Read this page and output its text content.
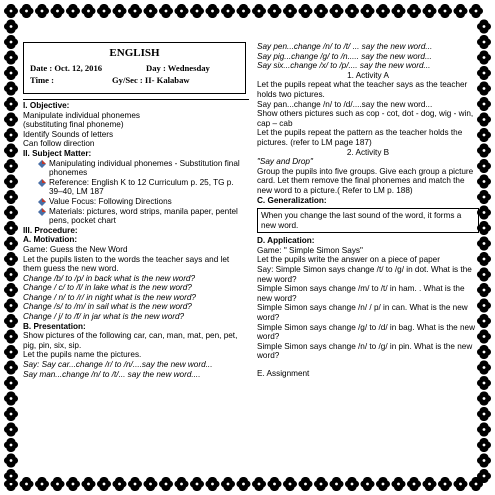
ENGLISH
Date : Oct. 12, 2016	Day : Wednesday
Time :	Gy/Sec : II- Kalabaw

I. Objective:

Manipulate individual phonemes

(substituting final phoneme)

Identify Sounds of letters

Can follow direction

II. Subject Matter:

Manipulating individual phonemes - Substitution final phonemes
Reference: English K to 12 Curriculum p. 25, TG p. 39–40, LM 187
Value Focus: Following Directions
Materials: pictures, word strips, manila paper, pentel pens, pocket chart

III. Procedure:

A. Motivation:

Game: Guess the New Word

Let the pupils listen to the words the teacher says and let them guess the new word.

Change /b/ to /p/ in back what is the new word?

Change / c/ to /l/ in lake what is the new word?

Change / n/ to /r/ in night what is the new word?

Change /s/ to /m/ in sail what is the new word?

Change / j/ to /f/ in jar what is the new word?

B. Presentation:

Show pictures of the following car, can, man, mat, pen, pet, pig, pin, six, sip.

Let the pupils name the pictures.

Say: Say car...change /r/ to /n/....say the new word...

Say man...change /n/ to /t/... say the new word....

Say pen...change /n/ to /t/ ... say the new word...

Say pig...change /g/ to /n..... say the new word...

Say six...change /x/ to /p/.... say the new word...

1. Activity A

Let the pupils repeat what the teacher says as the teacher holds two pictures.

Say pan...change /n/ to /d/....say the new word...

Show others pictures such as cop - cot, dot - dog, wig - win, cap – cab

Let the pupils repeat the pattern as the teacher holds the pictures. (refer to LM page 187)

2. Activity B

"Say and Drop"

Group the pupils into five groups. Give each group a picture card. Let them remove the final phonemes and match the new word to a picture.( Refer to LM p. 188)

C. Generalization:

When you change the last sound of the word, it forms a new word.

D. Application:

Game: " Simple Simon Says"

Let the pupils write the answer on a piece of paper

Say: Simple Simon says change /t/ to /g/ in dot. What is the new word?

Simple Simon says change /m/ to /t/ in ham. . What is the new word?

Simple Simon says change /n/ / p/ in can. What is the new word?

Simple Simon says change /g/ to /d/ in bag. What is the new word?

Simple Simon says change /n/ to /g/ in pin. What is the new word?

E. Assignment
